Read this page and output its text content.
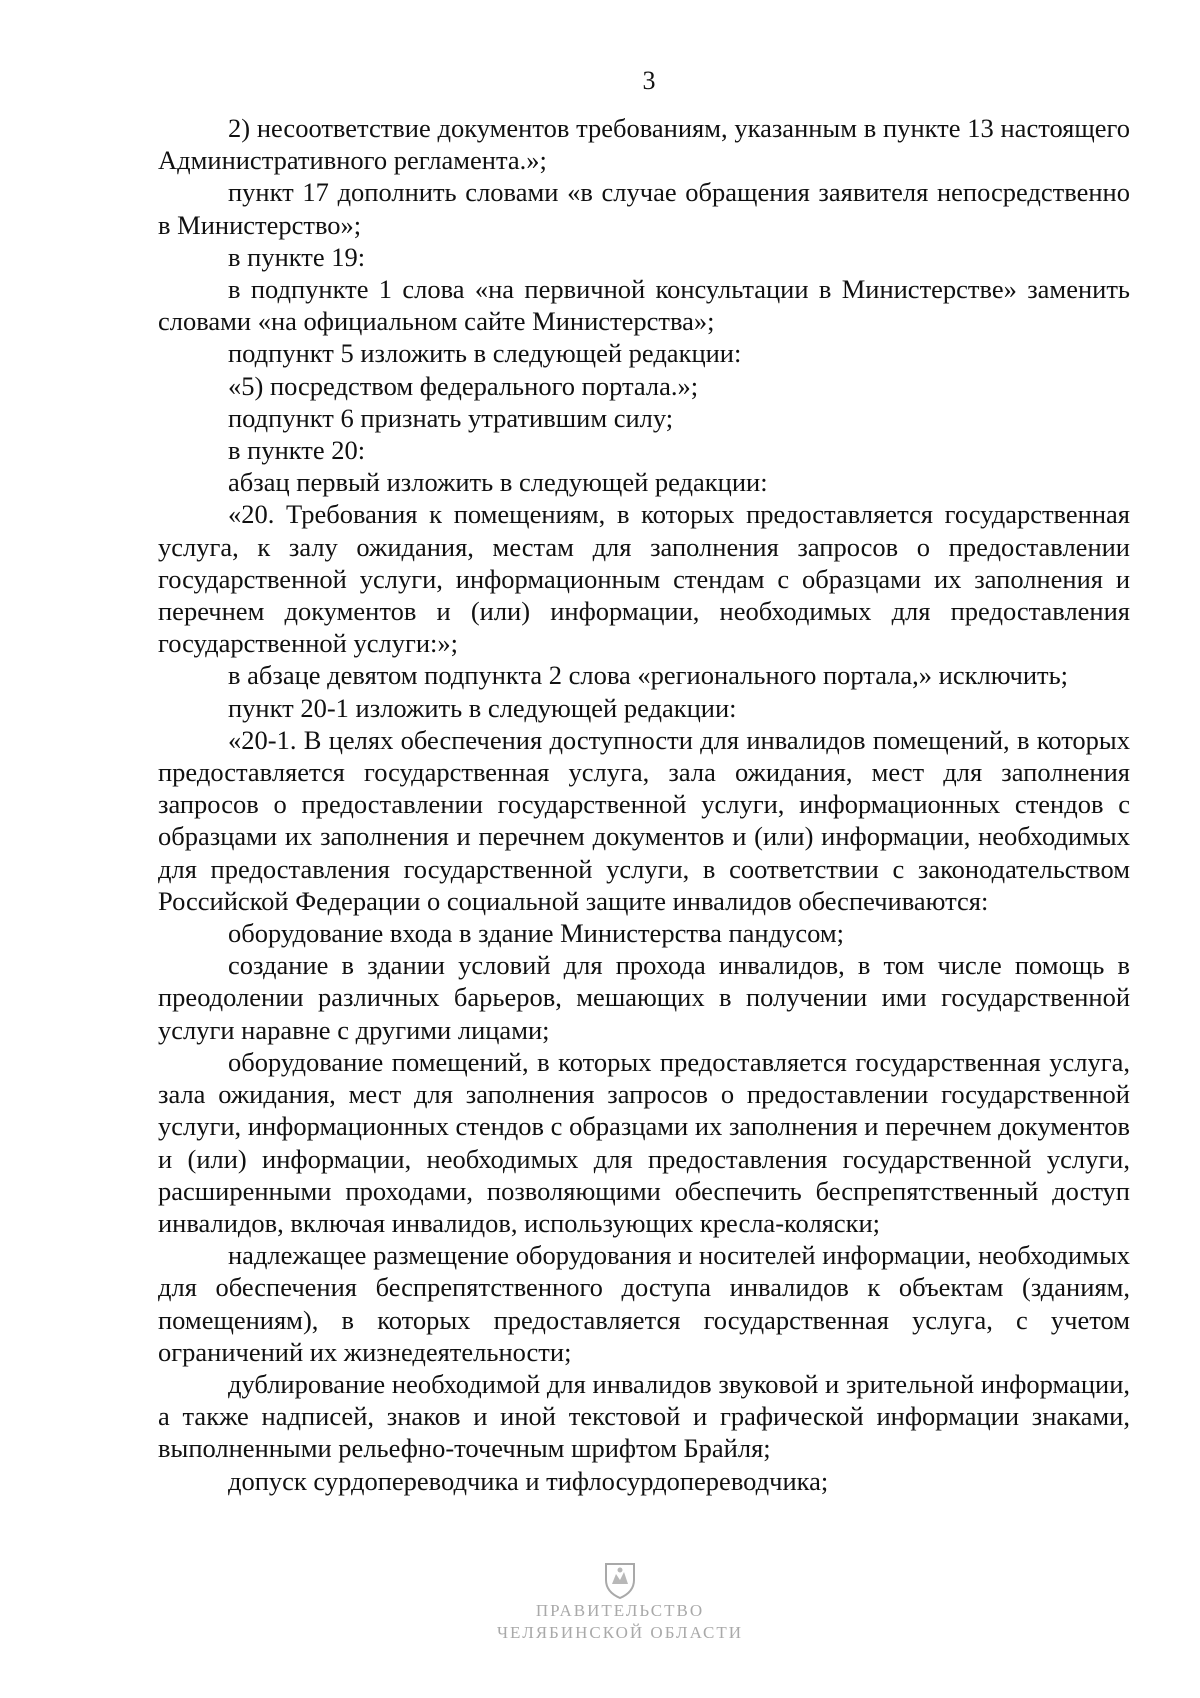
3

2) несоответствие документов требованиям, указанным в пункте 13 настоящего Административного регламента.»;

пункт 17 дополнить словами «в случае обращения заявителя непосредственно в Министерство»;

в пункте 19:

в подпункте 1 слова «на первичной консультации в Министерстве» заменить словами «на официальном сайте Министерства»;

подпункт 5 изложить в следующей редакции:

«5) посредством федерального портала.»;

подпункт 6 признать утратившим силу;

в пункте 20:

абзац первый изложить в следующей редакции:

«20. Требования к помещениям, в которых предоставляется государственная услуга, к залу ожидания, местам для заполнения запросов о предоставлении государственной услуги, информационным стендам с образцами их заполнения и перечнем документов и (или) информации, необходимых для предоставления государственной услуги:»;

в абзаце девятом подпункта 2 слова «регионального портала,» исключить;

пункт 20-1 изложить в следующей редакции:

«20-1. В целях обеспечения доступности для инвалидов помещений, в которых предоставляется государственная услуга, зала ожидания, мест для заполнения запросов о предоставлении государственной услуги, информационных стендов с образцами их заполнения и перечнем документов и (или) информации, необходимых для предоставления государственной услуги, в соответствии с законодательством Российской Федерации о социальной защите инвалидов обеспечиваются:

оборудование входа в здание Министерства пандусом;

создание в здании условий для прохода инвалидов, в том числе помощь в преодолении различных барьеров, мешающих в получении ими государственной услуги наравне с другими лицами;

оборудование помещений, в которых предоставляется государственная услуга, зала ожидания, мест для заполнения запросов о предоставлении государственной услуги, информационных стендов с образцами их заполнения и перечнем документов и (или) информации, необходимых для предоставления государственной услуги, расширенными проходами, позволяющими обеспечить беспрепятственный доступ инвалидов, включая инвалидов, использующих кресла-коляски;

надлежащее размещение оборудования и носителей информации, необходимых для обеспечения беспрепятственного доступа инвалидов к объектам (зданиям, помещениям), в которых предоставляется государственная услуга, с учетом ограничений их жизнедеятельности;

дублирование необходимой для инвалидов звуковой и зрительной информации, а также надписей, знаков и иной текстовой и графической информации знаками, выполненными рельефно-точечным шрифтом Брайля;

допуск сурдопереводчика и тифлосурдопереводчика;

ПРАВИТЕЛЬСТВО
ЧЕЛЯБИНСКОЙ ОБЛАСТИ
